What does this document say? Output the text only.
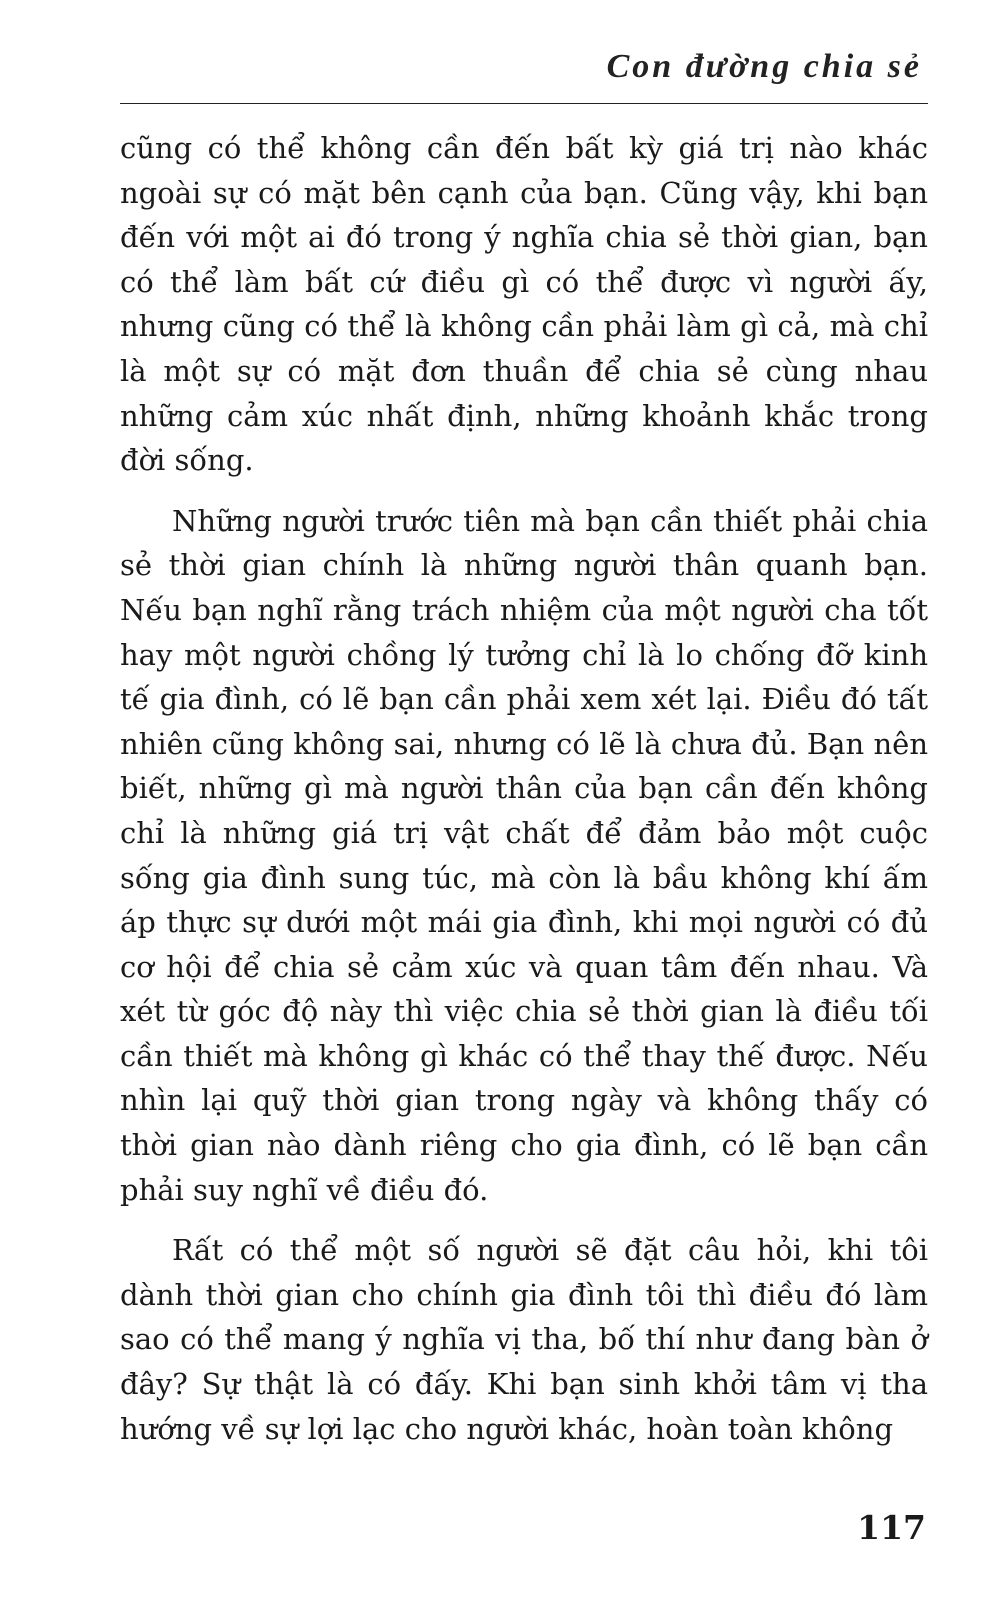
Con đường chia sẻ

cũng có thể không cần đến bất kỳ giá trị nào khác ngoài sự có mặt bên cạnh của bạn. Cũng vậy, khi bạn đến với một ai đó trong ý nghĩa chia sẻ thời gian, bạn có thể làm bất cứ điều gì có thể được vì người ấy, nhưng cũng có thể là không cần phải làm gì cả, mà chỉ là một sự có mặt đơn thuần để chia sẻ cùng nhau những cảm xúc nhất định, những khoảnh khắc trong đời sống.

Những người trước tiên mà bạn cần thiết phải chia sẻ thời gian chính là những người thân quanh bạn. Nếu bạn nghĩ rằng trách nhiệm của một người cha tốt hay một người chồng lý tưởng chỉ là lo chống đỡ kinh tế gia đình, có lẽ bạn cần phải xem xét lại. Điều đó tất nhiên cũng không sai, nhưng có lẽ là chưa đủ. Bạn nên biết, những gì mà người thân của bạn cần đến không chỉ là những giá trị vật chất để đảm bảo một cuộc sống gia đình sung túc, mà còn là bầu không khí ấm áp thực sự dưới một mái gia đình, khi mọi người có đủ cơ hội để chia sẻ cảm xúc và quan tâm đến nhau. Và xét từ góc độ này thì việc chia sẻ thời gian là điều tối cần thiết mà không gì khác có thể thay thế được. Nếu nhìn lại quỹ thời gian trong ngày và không thấy có thời gian nào dành riêng cho gia đình, có lẽ bạn cần phải suy nghĩ về điều đó.

Rất có thể một số người sẽ đặt câu hỏi, khi tôi dành thời gian cho chính gia đình tôi thì điều đó làm sao có thể mang ý nghĩa vị tha, bố thí như đang bàn ở đây? Sự thật là có đấy. Khi bạn sinh khởi tâm vị tha hướng về sự lợi lạc cho người khác, hoàn toàn không

117
